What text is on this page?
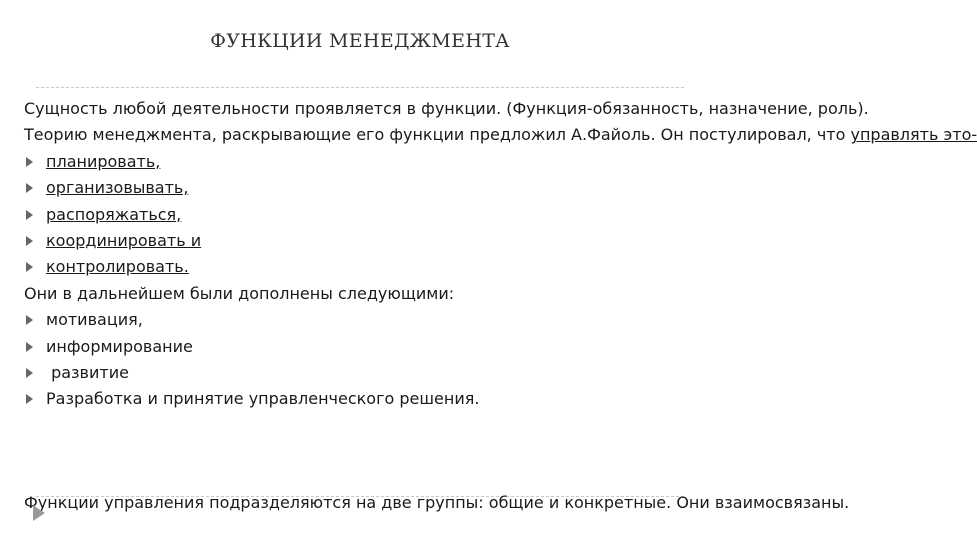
ФУНКЦИИ МЕНЕДЖМЕНТА

Сущность любой деятельности проявляется в функции. (Функция-обязанность, назначение, роль).

Теорию менеджмента, раскрывающие его функции предложил А.Файоль. Он постулировал, что управлять это-

планировать,

организовывать,

распоряжаться,

координировать и

контролировать.

Они в дальнейшем были дополнены следующими:

мотивация,

информирование

развитие

Разработка и принятие управленческого решения.

Функции управления подразделяются на две группы: общие и конкретные. Они взаимосвязаны.
